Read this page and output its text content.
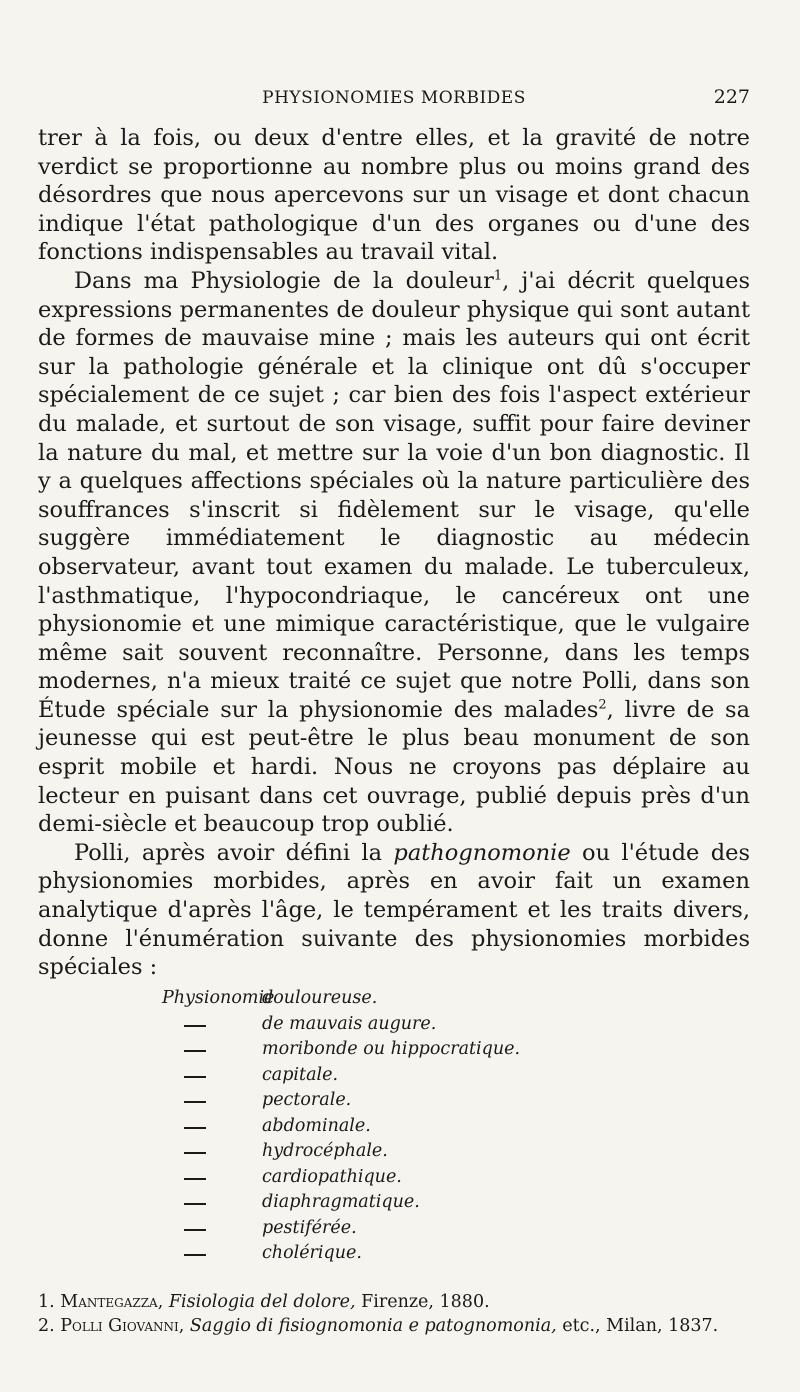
PHYSIONOMIES MORBIDES	227

trer à la fois, ou deux d'entre elles, et la gravité de notre verdict se proportionne au nombre plus ou moins grand des désordres que nous apercevons sur un visage et dont chacun indique l'état pathologique d'un des organes ou d'une des fonctions indispensables au travail vital.

Dans ma Physiologie de la douleur$^1$, j'ai décrit quelques expressions permanentes de douleur physique qui sont autant de formes de mauvaise mine ; mais les auteurs qui ont écrit sur la pathologie générale et la clinique ont dû s'occuper spécialement de ce sujet ; car bien des fois l'aspect extérieur du malade, et surtout de son visage, suffit pour faire deviner la nature du mal, et mettre sur la voie d'un bon diagnostic. Il y a quelques affections spéciales où la nature particulière des souffrances s'inscrit si fidèlement sur le visage, qu'elle suggère immédiatement le diagnostic au médecin observateur, avant tout examen du malade. Le tuberculeux, l'asthmatique, l'hypocondriaque, le cancéreux ont une physionomie et une mimique caractéristique, que le vulgaire même sait souvent reconnaître. Personne, dans les temps modernes, n'a mieux traité ce sujet que notre Polli, dans son Étude spéciale sur la physionomie des malades$^2$, livre de sa jeunesse qui est peut-être le plus beau monument de son esprit mobile et hardi. Nous ne croyons pas déplaire au lecteur en puisant dans cet ouvrage, publié depuis près d'un demi-siècle et beaucoup trop oublié.

Polli, après avoir défini la pathognomonie ou l'étude des physionomies morbides, après en avoir fait un examen analytique d'après l'âge, le tempérament et les traits divers, donne l'énumération suivante des physionomies morbides spéciales :

Physionomie
douloureuse.
de mauvais augure.
moribonde ou hippocratique.
capitale.
pectorale.
abdominale.
hydrocéphale.
cardiopathique.
diaphragmatique.
pestiférée.
cholérique.

1. Mantegazza, Fisiologia del dolore, Firenze, 1880.

2. Polli Giovanni, Saggio di fisiognomonia e patognomonia, etc., Milan, 1837.
